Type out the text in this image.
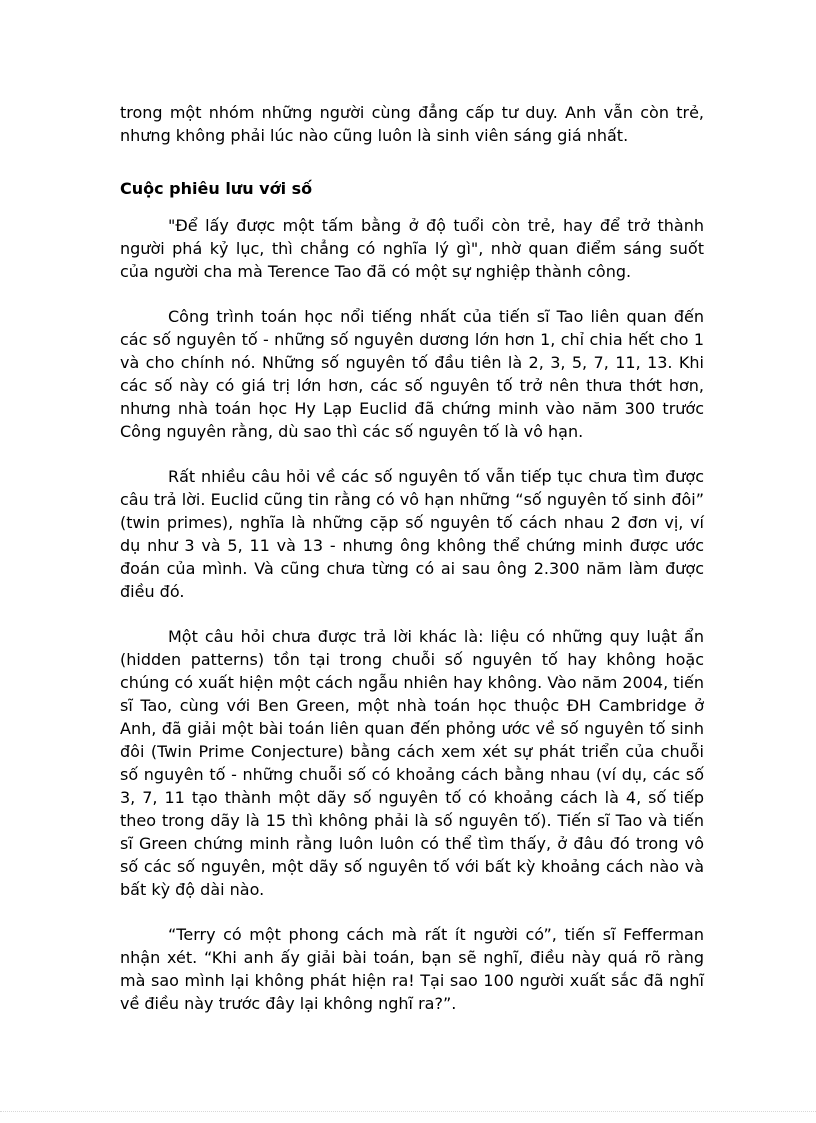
trong một nhóm những người cùng đẳng cấp tư duy. Anh vẫn còn trẻ, nhưng không phải lúc nào cũng luôn là sinh viên sáng giá nhất.

Cuộc phiêu lưu với số

"Để lấy được một tấm bằng ở độ tuổi còn trẻ, hay để trở thành người phá kỷ lục, thì chẳng có nghĩa lý gì", nhờ quan điểm sáng suốt của người cha mà Terence Tao đã có một sự nghiệp thành công.

Công trình toán học nổi tiếng nhất của tiến sĩ Tao liên quan đến các số nguyên tố - những số nguyên dương lớn hơn 1, chỉ chia hết cho 1 và cho chính nó. Những số nguyên tố đầu tiên là 2, 3, 5, 7, 11, 13. Khi các số này có giá trị lớn hơn, các số nguyên tố trở nên thưa thớt hơn, nhưng nhà toán học Hy Lạp Euclid đã chứng minh vào năm 300 trước Công nguyên rằng, dù sao thì các số nguyên tố là vô hạn.

Rất nhiều câu hỏi về các số nguyên tố vẫn tiếp tục chưa tìm được câu trả lời. Euclid cũng tin rằng có vô hạn những “số nguyên tố sinh đôi” (twin primes), nghĩa là những cặp số nguyên tố cách nhau 2 đơn vị, ví dụ như 3 và 5, 11 và 13 - nhưng ông không thể chứng minh được ước đoán của mình. Và cũng chưa từng có ai sau ông 2.300 năm làm được điều đó.

Một câu hỏi chưa được trả lời khác là: liệu có những quy luật ẩn (hidden patterns) tồn tại trong chuỗi số nguyên tố hay không hoặc chúng có xuất hiện một cách ngẫu nhiên hay không. Vào năm 2004, tiến sĩ Tao, cùng với Ben Green, một nhà toán học thuộc ĐH Cambridge ở Anh, đã giải một bài toán liên quan đến phỏng ước về số nguyên tố sinh đôi (Twin Prime Conjecture) bằng cách xem xét sự phát triển của chuỗi số nguyên tố - những chuỗi số có khoảng cách bằng nhau (ví dụ, các số 3, 7, 11 tạo thành một dãy số nguyên tố có khoảng cách là 4, số tiếp theo trong dãy là 15 thì không phải là số nguyên tố). Tiến sĩ Tao và tiến sĩ Green chứng minh rằng luôn luôn có thể tìm thấy, ở đâu đó trong vô số các số nguyên, một dãy số nguyên tố với bất kỳ khoảng cách nào và bất kỳ độ dài nào.

“Terry có một phong cách mà rất ít người có”, tiến sĩ Fefferman nhận xét. “Khi anh ấy giải bài toán, bạn sẽ nghĩ, điều này quá rõ ràng mà sao mình lại không phát hiện ra! Tại sao 100 người xuất sắc đã nghĩ về điều này trước đây lại không nghĩ ra?”.
